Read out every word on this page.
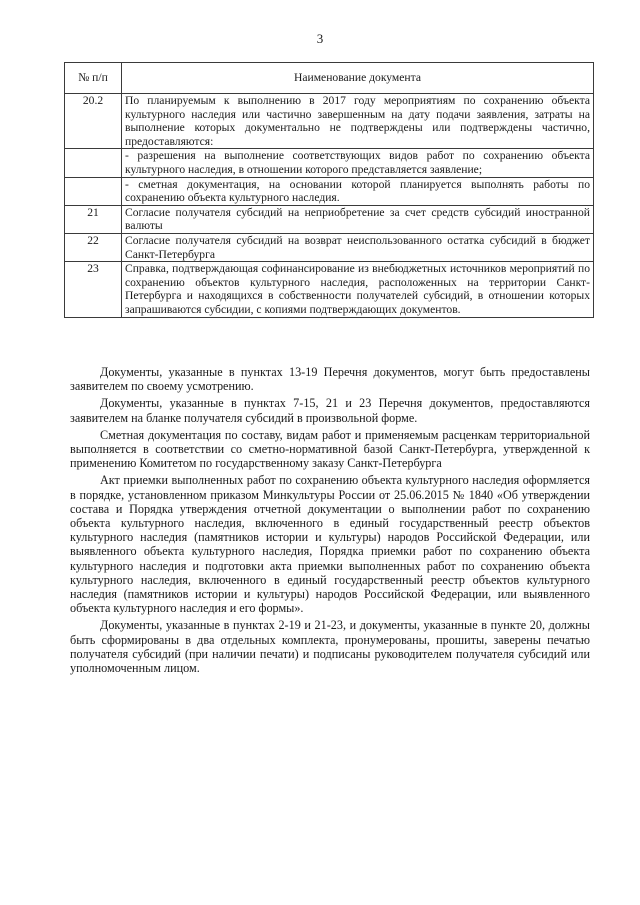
3
№ п/п	Наименование документа
20.2	По планируемым к выполнению в 2017 году мероприятиям по сохранению объекта культурного наследия или частично завершенным на дату подачи заявления, затраты на выполнение которых документально не подтверждены или подтверждены частично, предоставляются:
	- разрешения на выполнение соответствующих видов работ по сохранению объекта культурного наследия, в отношении которого представляется заявление;
	- сметная документация, на основании которой планируется выполнять работы по сохранению объекта культурного наследия.
21	Согласие получателя субсидий на неприобретение за счет средств субсидий иностранной валюты
22	Согласие получателя субсидий на возврат неиспользованного остатка субсидий в бюджет Санкт-Петербурга
23	Справка, подтверждающая софинансирование из внебюджетных источников мероприятий по сохранению объектов культурного наследия, расположенных на территории Санкт-Петербурга и находящихся в собственности получателей субсидий, в отношении которых запрашиваются субсидии, с копиями подтверждающих документов.

Документы, указанные в пунктах 13-19 Перечня документов, могут быть предоставлены заявителем по своему усмотрению.

Документы, указанные в пунктах 7-15, 21 и 23 Перечня документов, предоставляются заявителем на бланке получателя субсидий в произвольной форме.

Сметная документация по составу, видам работ и применяемым расценкам территориальной выполняется в соответствии со сметно-нормативной базой Санкт-Петербурга, утвержденной к применению Комитетом по государственному заказу Санкт-Петербурга

Акт приемки выполненных работ по сохранению объекта культурного наследия оформляется в порядке, установленном приказом Минкультуры России от 25.06.2015 № 1840 «Об утверждении состава и Порядка утверждения отчетной документации о выполнении работ по сохранению объекта культурного наследия, включенного в единый государственный реестр объектов культурного наследия (памятников истории и культуры) народов Российской Федерации, или выявленного объекта культурного наследия, Порядка приемки работ по сохранению объекта культурного наследия и подготовки акта приемки выполненных работ по сохранению объекта культурного наследия, включенного в единый государственный реестр объектов культурного наследия (памятников истории и культуры) народов Российской Федерации, или выявленного объекта культурного наследия и его формы».

Документы, указанные в пунктах 2-19 и 21-23, и документы, указанные в пункте 20, должны быть сформированы в два отдельных комплекта, пронумерованы, прошиты, заверены печатью получателя субсидий (при наличии печати) и подписаны руководителем получателя субсидий или уполномоченным лицом.
